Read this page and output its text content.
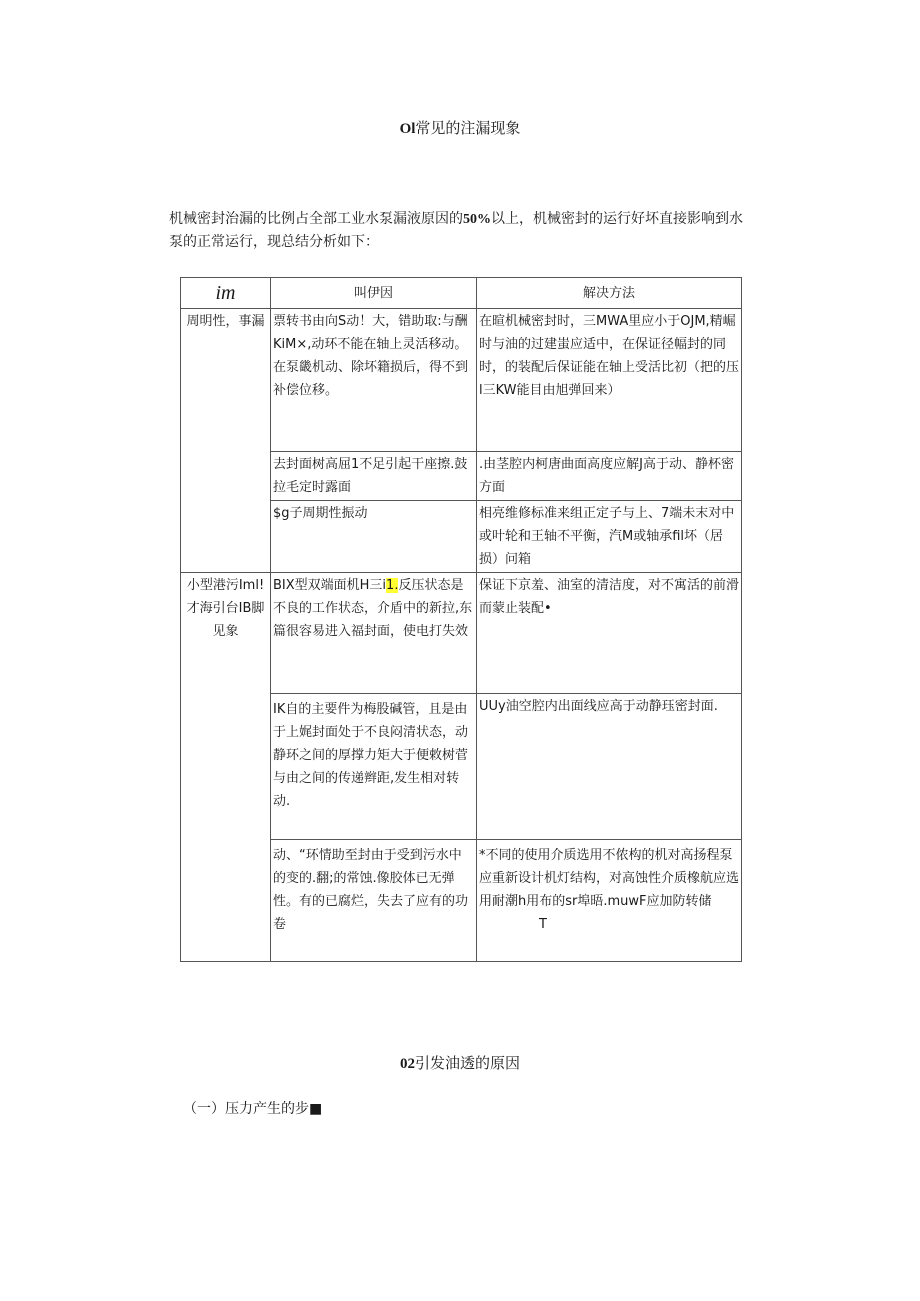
Ol常见的注漏现象
机械密封治漏的比例占全部工业水泵漏液原因的50%以上，机械密封的运行好坏直接影响到水泵的正常运行，现总结分析如下：
im	叫伊因	解决方法
周明性，事漏	票转书由向S动！大，错助取:与酬KiM×,动环不能在轴上灵活移动。在泵畿机动、除坏籍损后，得不到补偿位移。	在暄机械密封时，三MWA里应小于OJM,精崛时与油的过建蚩应适中，在保证径幅封的同时，的装配后保证能在轴上受活比初（把的压l三KW能目由旭弹回来）
	去封面树高屈1不足引起干座擦.鼓拉毛定时露面	.由茎腔内柯唐曲面高度应解J高于动、静杯密方面
	$g子周期性振动	相亮维修标准来组正定子与上、7端未末对中或叶轮和王轴不平衡，汽M或轴承fil坏（居损）问箱
小型港污Iml!才海引台IB脚见象	BIX型双端面机H三i1.反压状态是不良的工作状态，介盾中的新拉,东篇很容易进入福封面，使电打失效	保证下京羞、油室的清洁度，对不寓活的前滑而蒙止装配•
	IK自的主要件为梅股碱管，且是由于上娓封面处于不良闷清状态，动静环之间的厚撑力矩大于便敕树菅与由之间的传递辫距,发生相对转动.	UUy油空腔内出面线应高于动静珏密封面.
	动、“环情助至封由于受到污水中的变的.翻;的常蚀.像胶体已无弹性。有的已腐烂，失去了应有的功卷	*不同的使用介质选用不侬构的机对高扬程泵应重新设计机灯结构，对高蚀性介质橡航应选用耐潮h用布的sr埠晤.muwF应加防转储T
02引发油透的原因
（一）压力产生的步■
